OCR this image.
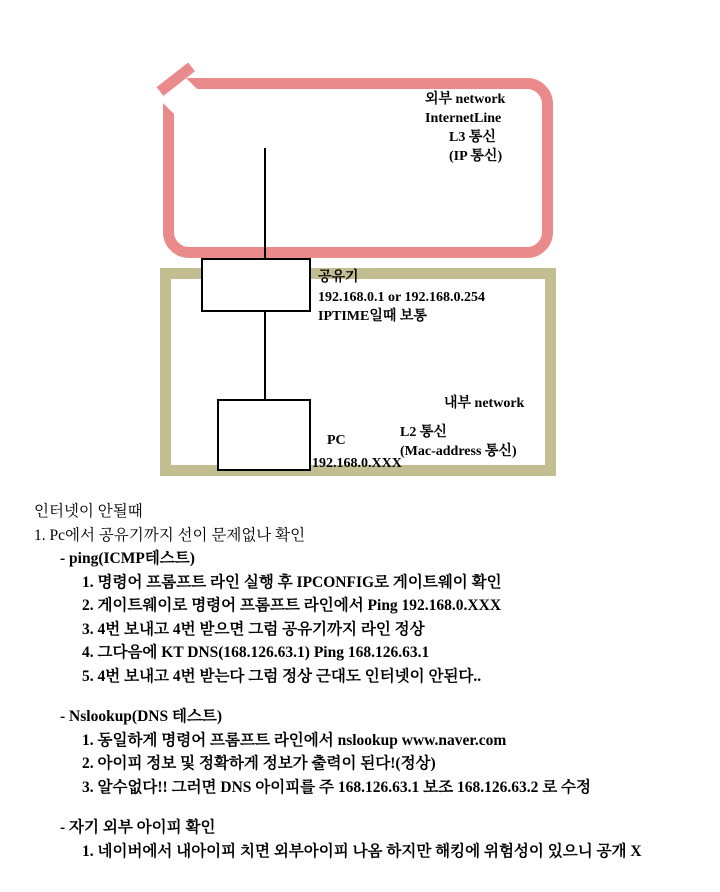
외부 network
InternetLine
L3 통신
(IP 통신)
공유기
192.168.0.1 or 192.168.0.254
IPTIME일때 보통
내부 network
L2 통신
(Mac-address 통신)
PC
192.168.0.XXX
인터넷이 안될때
1. Pc에서 공유기까지 선이 문제없나 확인
- ping(ICMP테스트)
1. 명령어 프롬프트 라인 실행 후 IPCONFIG로 게이트웨이 확인
2. 게이트웨이로 명령어 프롬프트 라인에서 Ping 192.168.0.XXX
3. 4번 보내고 4번 받으면 그럼 공유기까지 라인 정상
4. 그다음에 KT DNS(168.126.63.1) Ping 168.126.63.1
5. 4번 보내고 4번 받는다 그럼 정상 근대도 인터넷이 안된다..
- Nslookup(DNS 테스트)
1. 동일하게 명령어 프롬프트 라인에서 nslookup www.naver.com
2. 아이피 정보 및 정확하게 정보가 출력이 된다!(정상)
3. 알수없다!! 그러면 DNS 아이피를 주 168.126.63.1 보조 168.126.63.2 로 수정
- 자기 외부 아이피 확인
1. 네이버에서 내아이피 치면 외부아이피 나옴 하지만 해킹에 위험성이 있으니 공개 X
